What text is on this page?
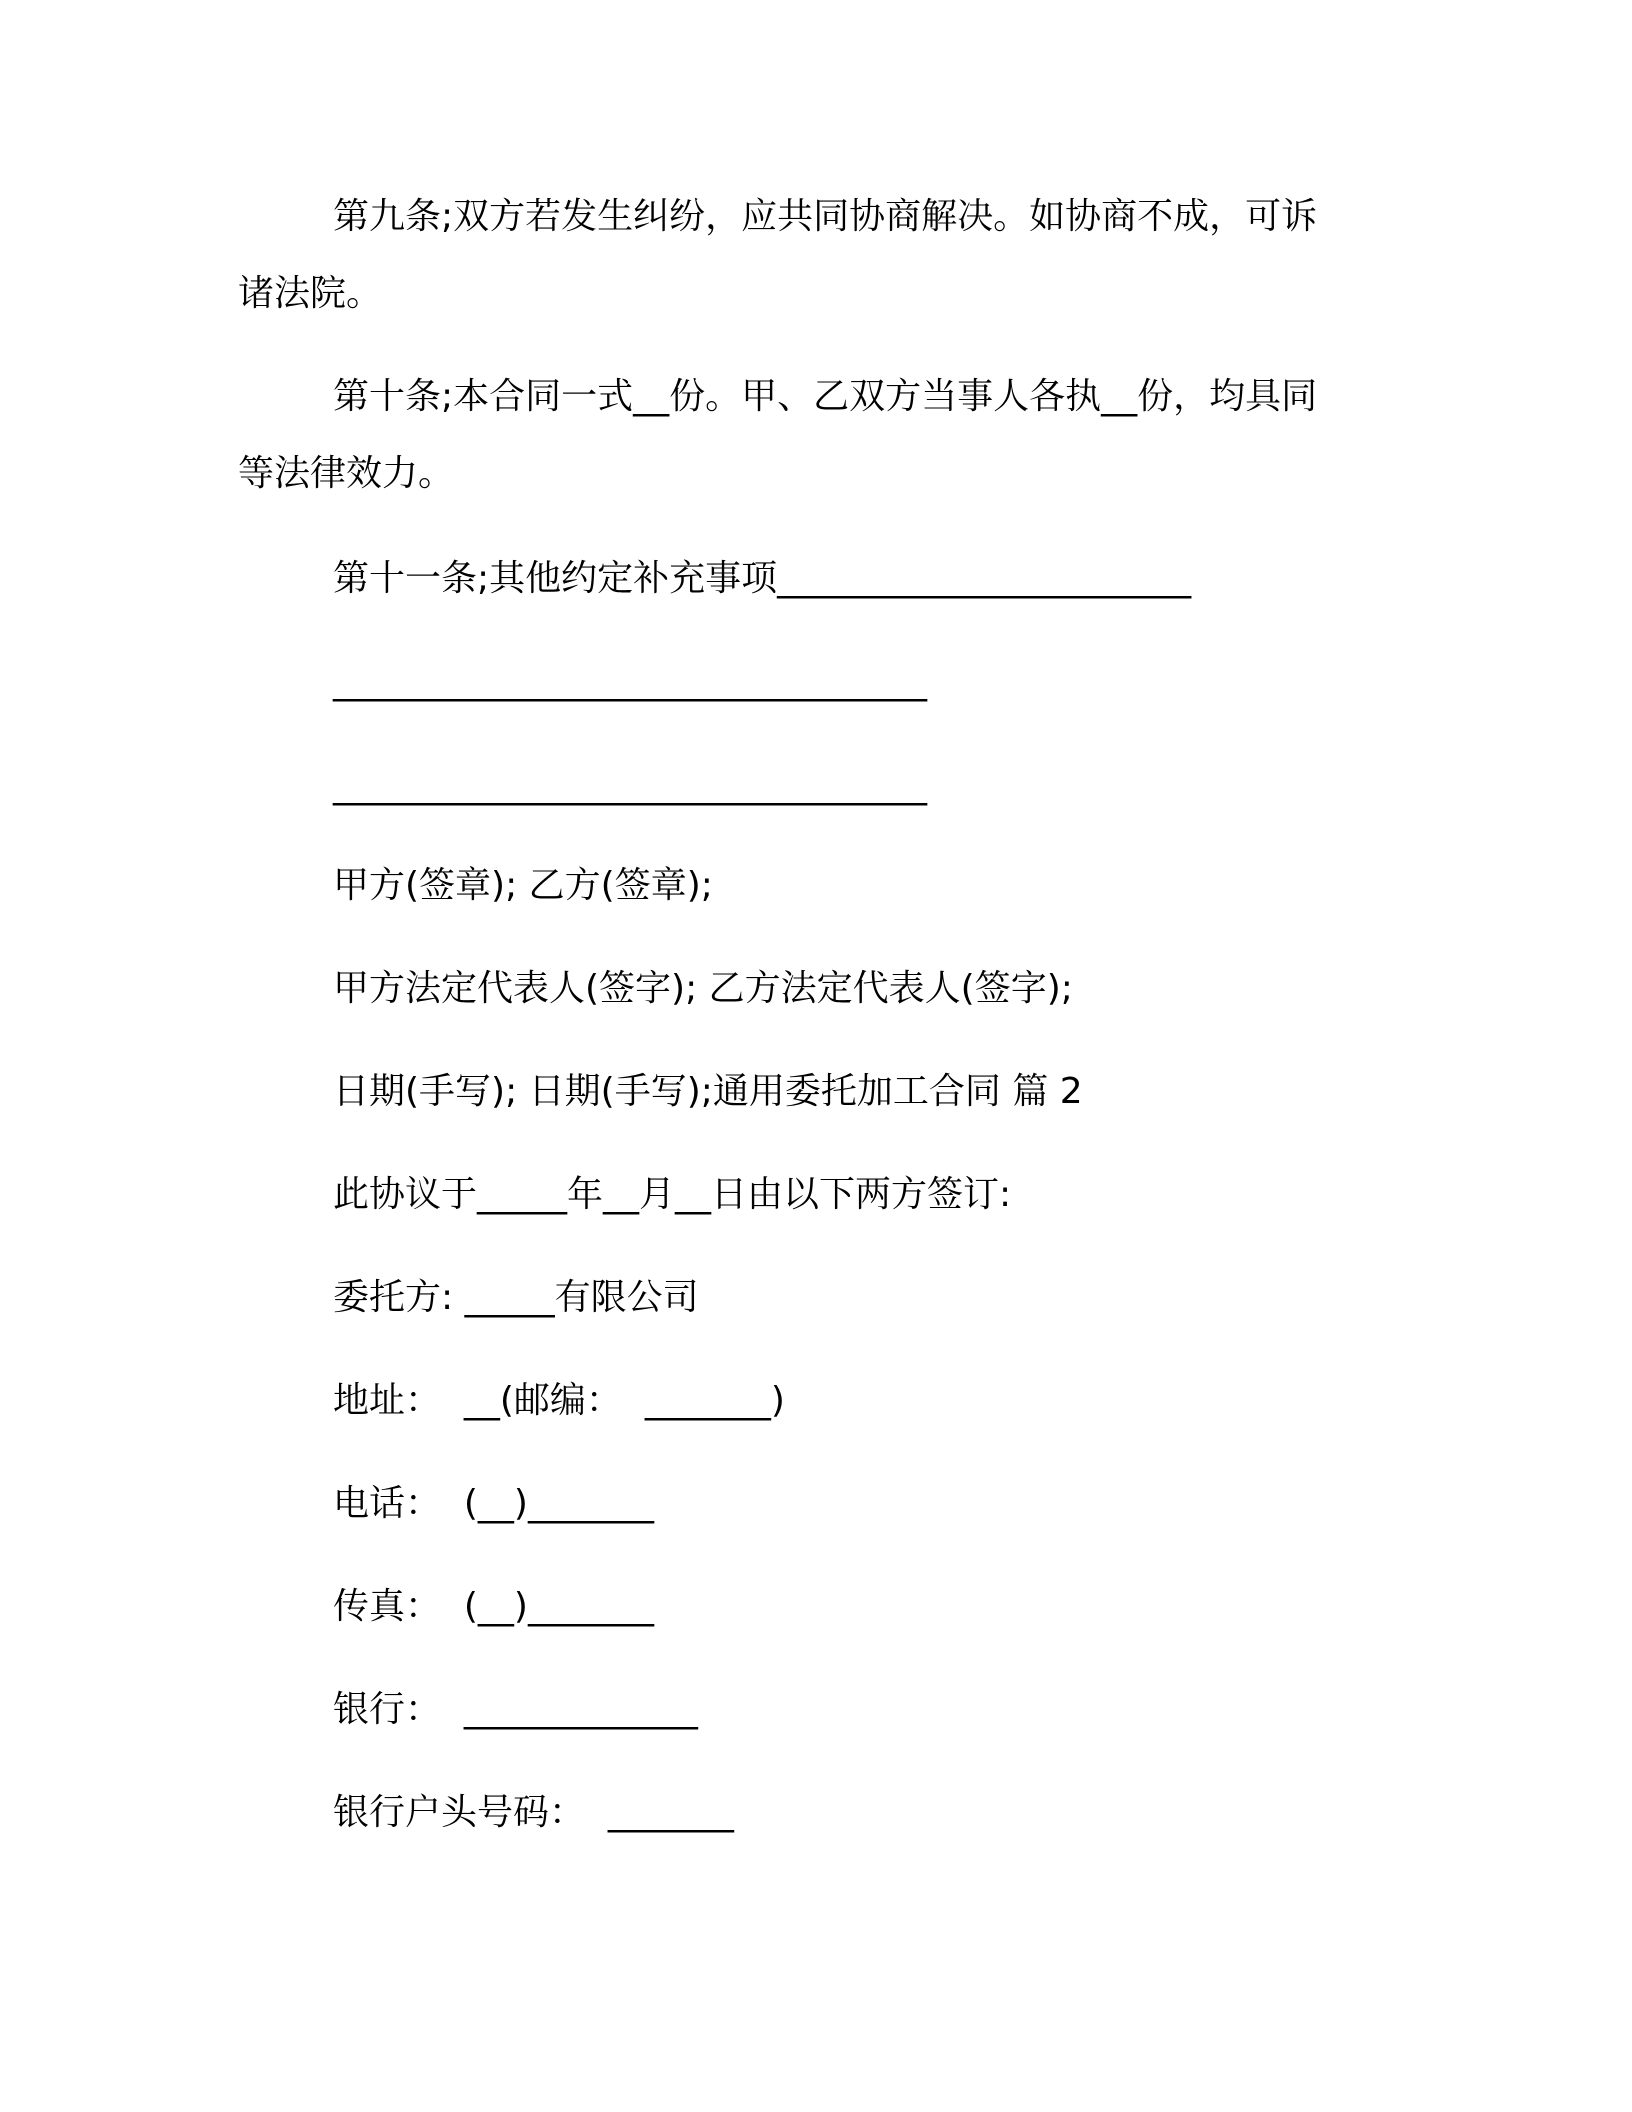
第九条;双方若发生纠纷，应共同协商解决。如协商不成，可诉
诸法院。
第十条;本合同一式__份。甲、乙双方当事人各执__份，均具同
等法律效力。
第十一条;其他约定补充事项_______________________
_________________________________
_________________________________
甲方(签章); 乙方(签章);
甲方法定代表人(签字); 乙方法定代表人(签字);
日期(手写); 日期(手写);通用委托加工合同 篇 2
此协议于_____年__月__日由以下两方签订:
委托方: _____有限公司
地址：  __(邮编：  _______)
电话：  (__)_______
传真：  (__)_______
银行：  _____________
银行户头号码：  _______
